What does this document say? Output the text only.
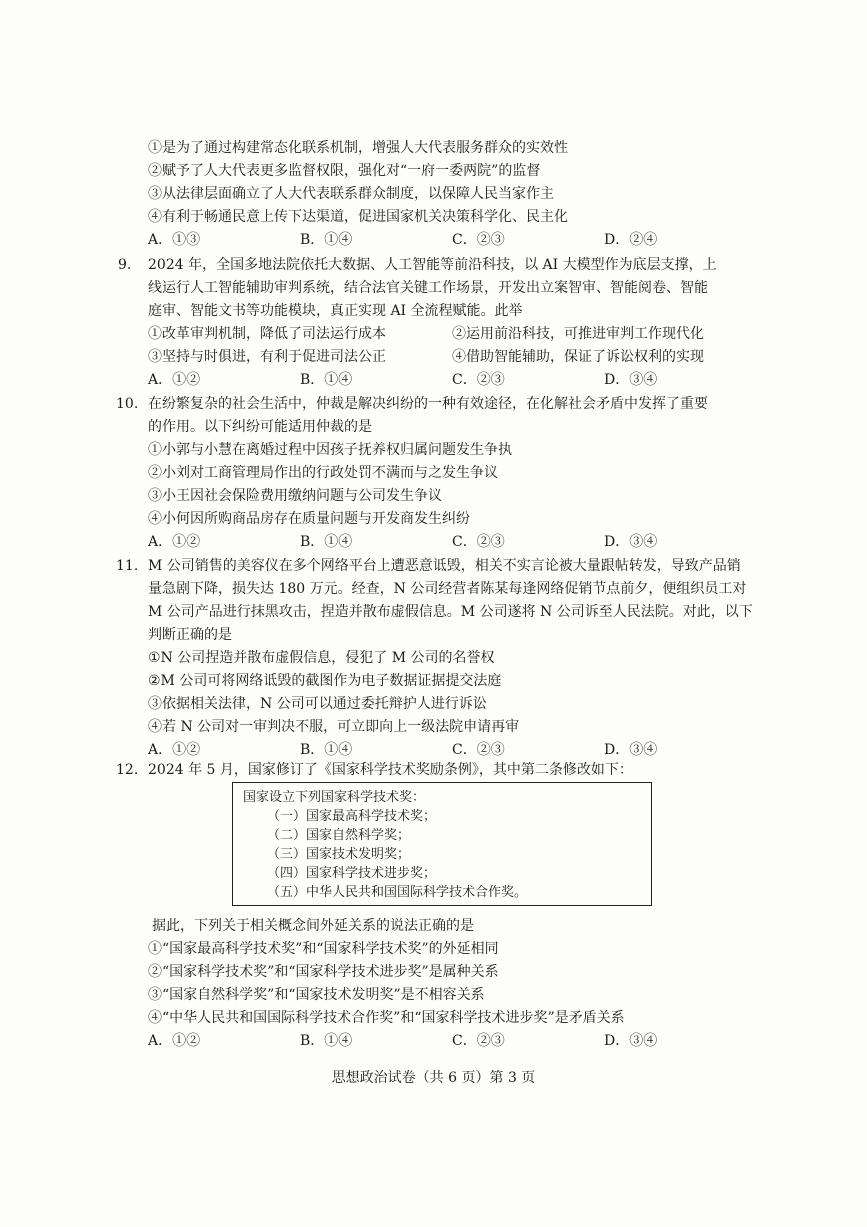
①是为了通过构建常态化联系机制，增强人大代表服务群众的实效性
②赋予了人大代表更多监督权限，强化对“一府一委两院”的监督
③从法律层面确立了人大代表联系群众制度，以保障人民当家作主
④有利于畅通民意上传下达渠道，促进国家机关决策科学化、民主化
A．①③	B．①④	C．②③	D．②④
9. 2024 年，全国多地法院依托大数据、人工智能等前沿科技，以 AI 大模型作为底层支撑，上
线运行人工智能辅助审判系统，结合法官关键工作场景，开发出立案智审、智能阅卷、智能
庭审、智能文书等功能模块，真正实现 AI 全流程赋能。此举
①改革审判机制，降低了司法运行成本	②运用前沿科技，可推进审判工作现代化
③坚持与时俱进，有利于促进司法公正	④借助智能辅助，保证了诉讼权利的实现
A．①②	B．①④	C．②③	D．③④
10. 在纷繁复杂的社会生活中，仲裁是解决纠纷的一种有效途径，在化解社会矛盾中发挥了重要
的作用。以下纠纷可能适用仲裁的是
①小郭与小慧在离婚过程中因孩子抚养权归属问题发生争执
②小刘对工商管理局作出的行政处罚不满而与之发生争议
③小王因社会保险费用缴纳问题与公司发生争议
④小何因所购商品房存在质量问题与开发商发生纠纷
A．①②	B．①④	C．②③	D．③④
11. M 公司销售的美容仪在多个网络平台上遭恶意诋毁，相关不实言论被大量跟帖转发，导致产品销
量急剧下降，损失达 180 万元。经查，N 公司经营者陈某每逢网络促销节点前夕，便组织员工对
M 公司产品进行抹黑攻击，捏造并散布虚假信息。M 公司遂将 N 公司诉至人民法院。对此，以下
判断正确的是
①N 公司捏造并散布虚假信息，侵犯了 M 公司的名誉权
②M 公司可将网络诋毁的截图作为电子数据证据提交法庭
③依据相关法律，N 公司可以通过委托辩护人进行诉讼
④若 N 公司对一审判决不服，可立即向上一级法院申请再审
A．①②	B．①④	C．②③	D．③④
12. 2024 年 5 月，国家修订了《国家科学技术奖励条例》，其中第二条修改如下：
国家设立下列国家科学技术奖：
（一）国家最高科学技术奖；
（二）国家自然科学奖；
（三）国家技术发明奖；
（四）国家科学技术进步奖；
（五）中华人民共和国国际科学技术合作奖。
据此，下列关于相关概念间外延关系的说法正确的是
①“国家最高科学技术奖”和“国家科学技术奖”的外延相同
②“国家科学技术奖”和“国家科学技术进步奖”是属种关系
③“国家自然科学奖”和“国家技术发明奖”是不相容关系
④“中华人民共和国国际科学技术合作奖”和“国家科学技术进步奖”是矛盾关系
A．①②	B．①④	C．②③	D．③④
思想政治试卷（共 6 页）第 3 页
